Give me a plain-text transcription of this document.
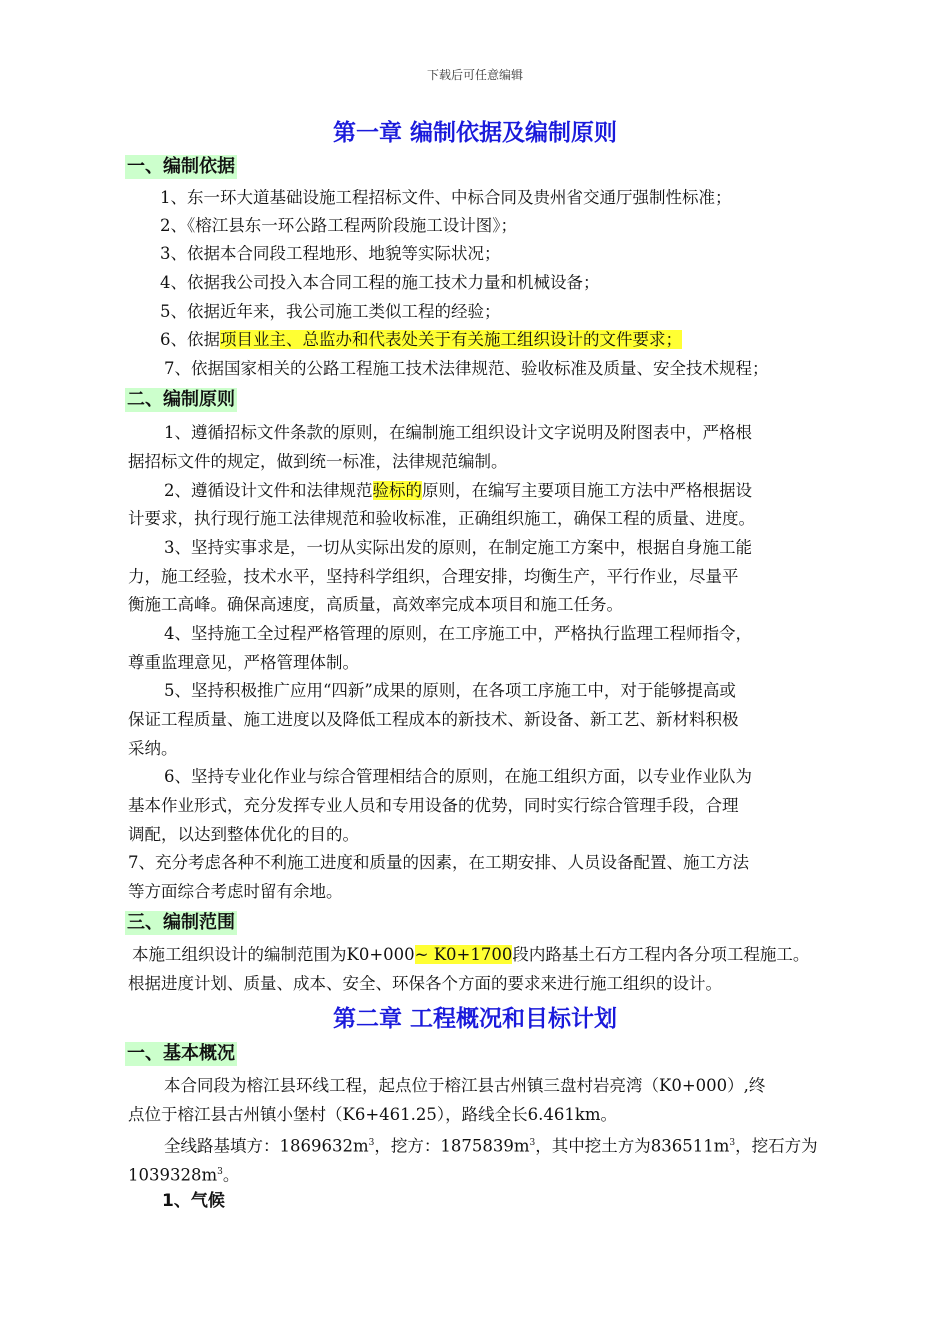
下载后可任意编辑
第一章 编制依据及编制原则
一、编制依据
1、东一环大道基础设施工程招标文件、中标合同及贵州省交通厅强制性标准；
2、《榕江县东一环公路工程两阶段施工设计图》；
3、依据本合同段工程地形、地貌等实际状况；
4、依据我公司投入本合同工程的施工技术力量和机械设备；
5、依据近年来，我公司施工类似工程的经验；
6、依据项目业主、总监办和代表处关于有关施工组织设计的文件要求；
7、依据国家相关的公路工程施工技术法律规范、验收标准及质量、安全技术规程；
二、编制原则
1、遵循招标文件条款的原则，在编制施工组织设计文字说明及附图表中，严格根
据招标文件的规定，做到统一标准，法律规范编制。
2、遵循设计文件和法律规范验标的原则，在编写主要项目施工方法中严格根据设
计要求，执行现行施工法律规范和验收标准，正确组织施工，确保工程的质量、进度。
3、坚持实事求是，一切从实际出发的原则，在制定施工方案中，根据自身施工能
力，施工经验，技术水平，坚持科学组织，合理安排，均衡生产，平行作业，尽量平
衡施工高峰。确保高速度，高质量，高效率完成本项目和施工任务。
4、坚持施工全过程严格管理的原则，在工序施工中，严格执行监理工程师指令，
尊重监理意见，严格管理体制。
5、坚持积极推广应用“四新”成果的原则，在各项工序施工中，对于能够提高或
保证工程质量、施工进度以及降低工程成本的新技术、新设备、新工艺、新材料积极
采纳。
6、坚持专业化作业与综合管理相结合的原则，在施工组织方面，以专业作业队为
基本作业形式，充分发挥专业人员和专用设备的优势，同时实行综合管理手段，合理
调配，以达到整体优化的目的。
7、充分考虑各种不利施工进度和质量的因素，在工期安排、人员设备配置、施工方法
等方面综合考虑时留有余地。
三、编制范围
本施工组织设计的编制范围为K0+000~ K0+1700段内路基土石方工程内各分项工程施工。
根据进度计划、质量、成本、安全、环保各个方面的要求来进行施工组织的设计。
第二章 工程概况和目标计划
一、基本概况
本合同段为榕江县环线工程，起点位于榕江县古州镇三盘村岩亮湾（K0+000）,终
点位于榕江县古州镇小堡村（K6+461.25），路线全长6.461km。
全线路基填方：$1869632m^3$，挖方：$1875839m^3$，其中挖土方为$836511m^3$，挖石方为
$1039328m^3$。
1、气候
